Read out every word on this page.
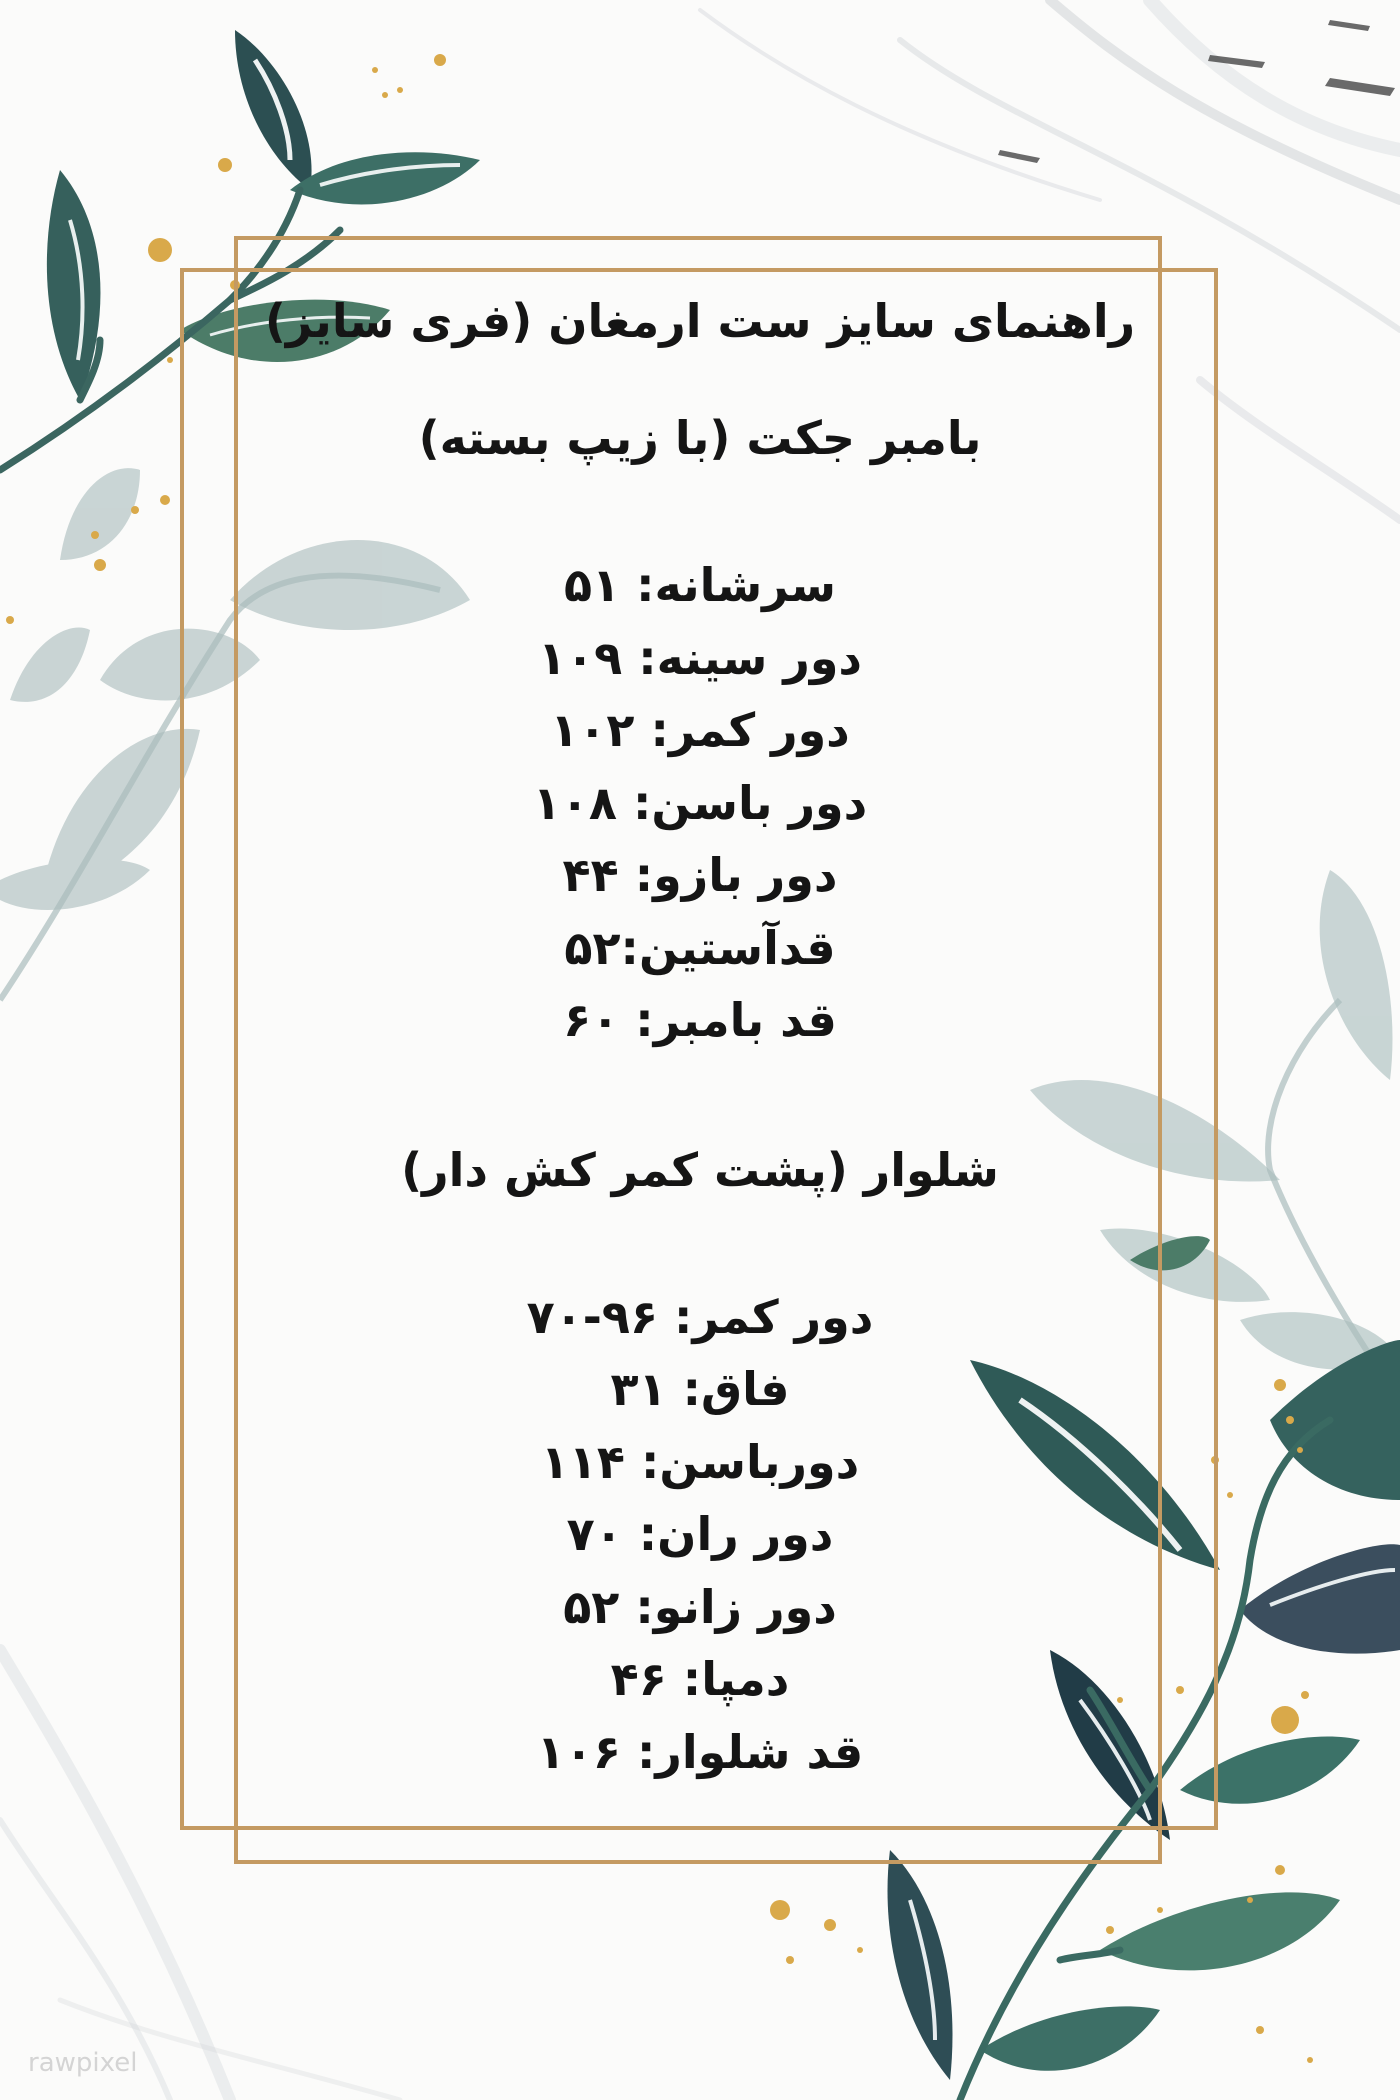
راهنمای سایز ست ارمغان (فری سایز)
بامبر جکت (با زیپ بسته)
سرشانه: ۵۱
دور سینه: ۱۰۹
دور کمر: ۱۰۲
دور باسن: ۱۰۸
دور بازو: ۴۴
قدآستین:۵۲
قد بامبر: ۶۰
شلوار (پشت کمر کش دار)
دور کمر: ۹۶-۷۰
فاق: ۳۱
دورباسن: ۱۱۴
دور ران: ۷۰
دور زانو: ۵۲
دمپا: ۴۶
قد شلوار: ۱۰۶
rawpixel
